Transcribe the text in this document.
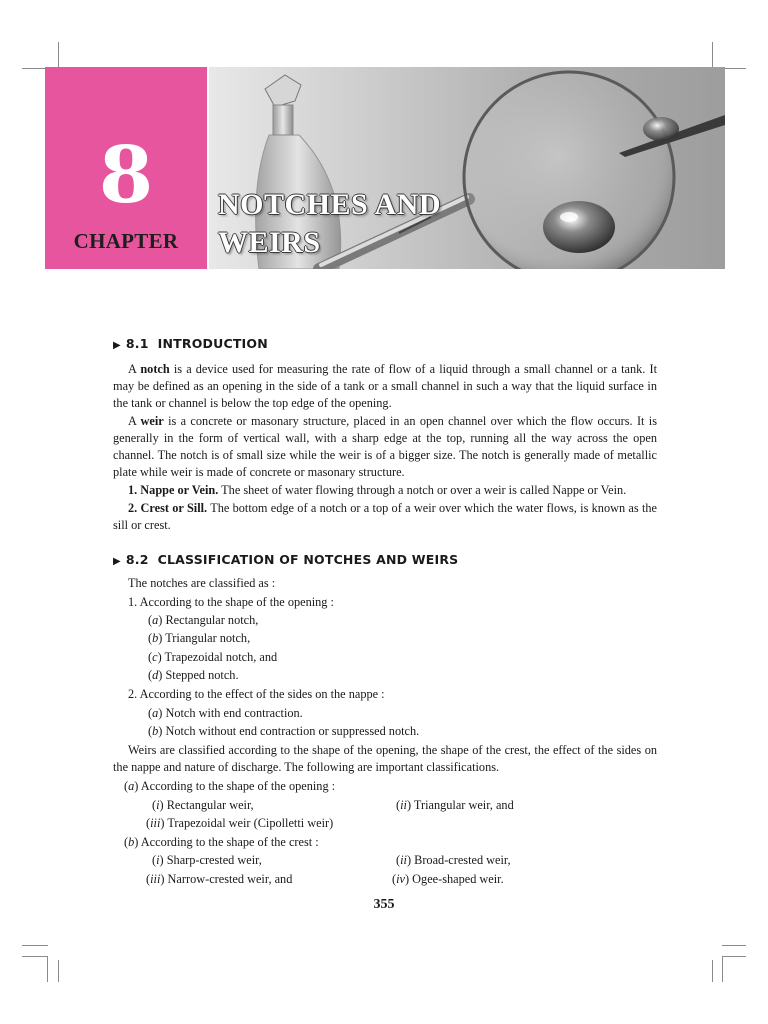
8
CHAPTER
NOTCHES AND
WEIRS
▶ 8.1 INTRODUCTION

A notch is a device used for measuring the rate of flow of a liquid through a small channel or a tank. It may be defined as an opening in the side of a tank or a small channel in such a way that the liquid surface in the tank or channel is below the top edge of the opening.

A weir is a concrete or masonary structure, placed in an open channel over which the flow occurs. It is generally in the form of vertical wall, with a sharp edge at the top, running all the way across the open channel. The notch is of small size while the weir is of a bigger size. The notch is generally made of metallic plate while weir is made of concrete or masonary structure.

1. Nappe or Vein. The sheet of water flowing through a notch or over a weir is called Nappe or Vein.

2. Crest or Sill. The bottom edge of a notch or a top of a weir over which the water flows, is known as the sill or crest.

▶ 8.2 CLASSIFICATION OF NOTCHES AND WEIRS
The notches are classified as :
1. According to the shape of the opening :
(a) Rectangular notch,
(b) Triangular notch,
(c) Trapezoidal notch, and
(d) Stepped notch.
2. According to the effect of the sides on the nappe :
(a) Notch with end contraction.
(b) Notch without end contraction or suppressed notch.

Weirs are classified according to the shape of the opening, the shape of the crest, the effect of the sides on the nappe and nature of discharge. The following are important classifications.

(a) According to the shape of the opening :
(i) Rectangular weir,	(ii) Triangular weir, and
(iii) Trapezoidal weir (Cipolletti weir)
(b) According to the shape of the crest :
(i) Sharp-crested weir,	(ii) Broad-crested weir,
(iii) Narrow-crested weir, and	(iv) Ogee-shaped weir.
355
